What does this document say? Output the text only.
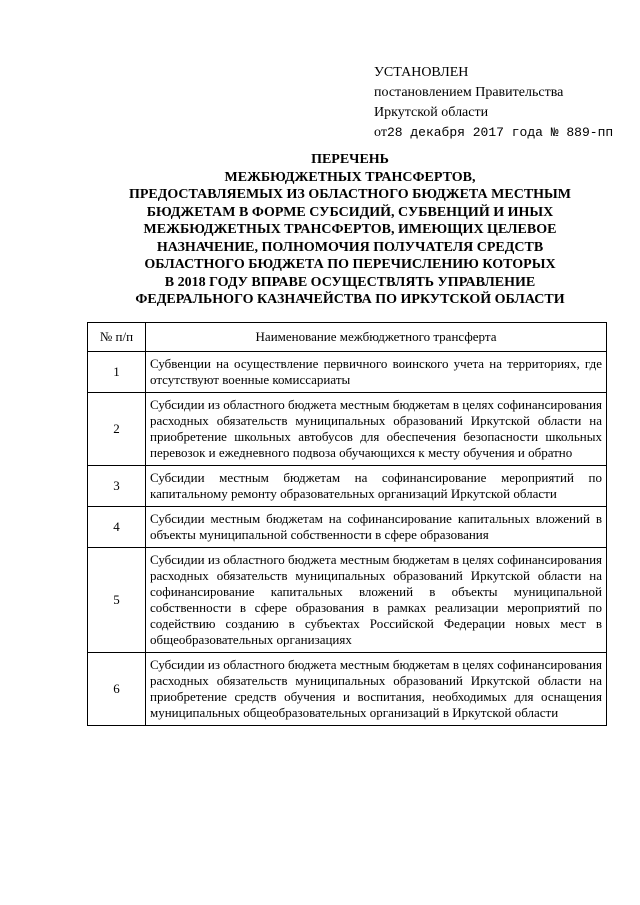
УСТАНОВЛЕН
постановлением Правительства
Иркутской области
от28 декабря 2017 года № 889-пп
ПЕРЕЧЕНЬ
МЕЖБЮДЖЕТНЫХ ТРАНСФЕРТОВ,
ПРЕДОСТАВЛЯЕМЫХ ИЗ ОБЛАСТНОГО БЮДЖЕТА МЕСТНЫМ
БЮДЖЕТАМ В ФОРМЕ СУБСИДИЙ, СУБВЕНЦИЙ И ИНЫХ
МЕЖБЮДЖЕТНЫХ ТРАНСФЕРТОВ, ИМЕЮЩИХ ЦЕЛЕВОЕ
НАЗНАЧЕНИЕ, ПОЛНОМОЧИЯ ПОЛУЧАТЕЛЯ СРЕДСТВ
ОБЛАСТНОГО БЮДЖЕТА ПО ПЕРЕЧИСЛЕНИЮ КОТОРЫХ
В 2018 ГОДУ ВПРАВЕ ОСУЩЕСТВЛЯТЬ УПРАВЛЕНИЕ
ФЕДЕРАЛЬНОГО КАЗНАЧЕЙСТВА ПО ИРКУТСКОЙ ОБЛАСТИ
№ п/п	Наименование межбюджетного трансферта
1	Субвенции на осуществление первичного воинского учета на территориях, где отсутствуют военные комиссариаты
2	Субсидии из областного бюджета местным бюджетам в целях софинансирования расходных обязательств муниципальных образований Иркутской области на приобретение школьных автобусов для обеспечения безопасности школьных перевозок и ежедневного подвоза обучающихся к месту обучения и обратно
3	Субсидии местным бюджетам на софинансирование мероприятий по капитальному ремонту образовательных организаций Иркутской области
4	Субсидии местным бюджетам на софинансирование капитальных вложений в объекты муниципальной собственности в сфере образования
5	Субсидии из областного бюджета местным бюджетам в целях софинансирования расходных обязательств муниципальных образований Иркутской области на софинансирование капитальных вложений в объекты муниципальной собственности в сфере образования в рамках реализации мероприятий по содействию созданию в субъектах Российской Федерации новых мест в общеобразовательных организациях
6	Субсидии из областного бюджета местным бюджетам в целях софинансирования расходных обязательств муниципальных образований Иркутской области на приобретение средств обучения и воспитания, необходимых для оснащения муниципальных общеобразовательных организаций в Иркутской области
